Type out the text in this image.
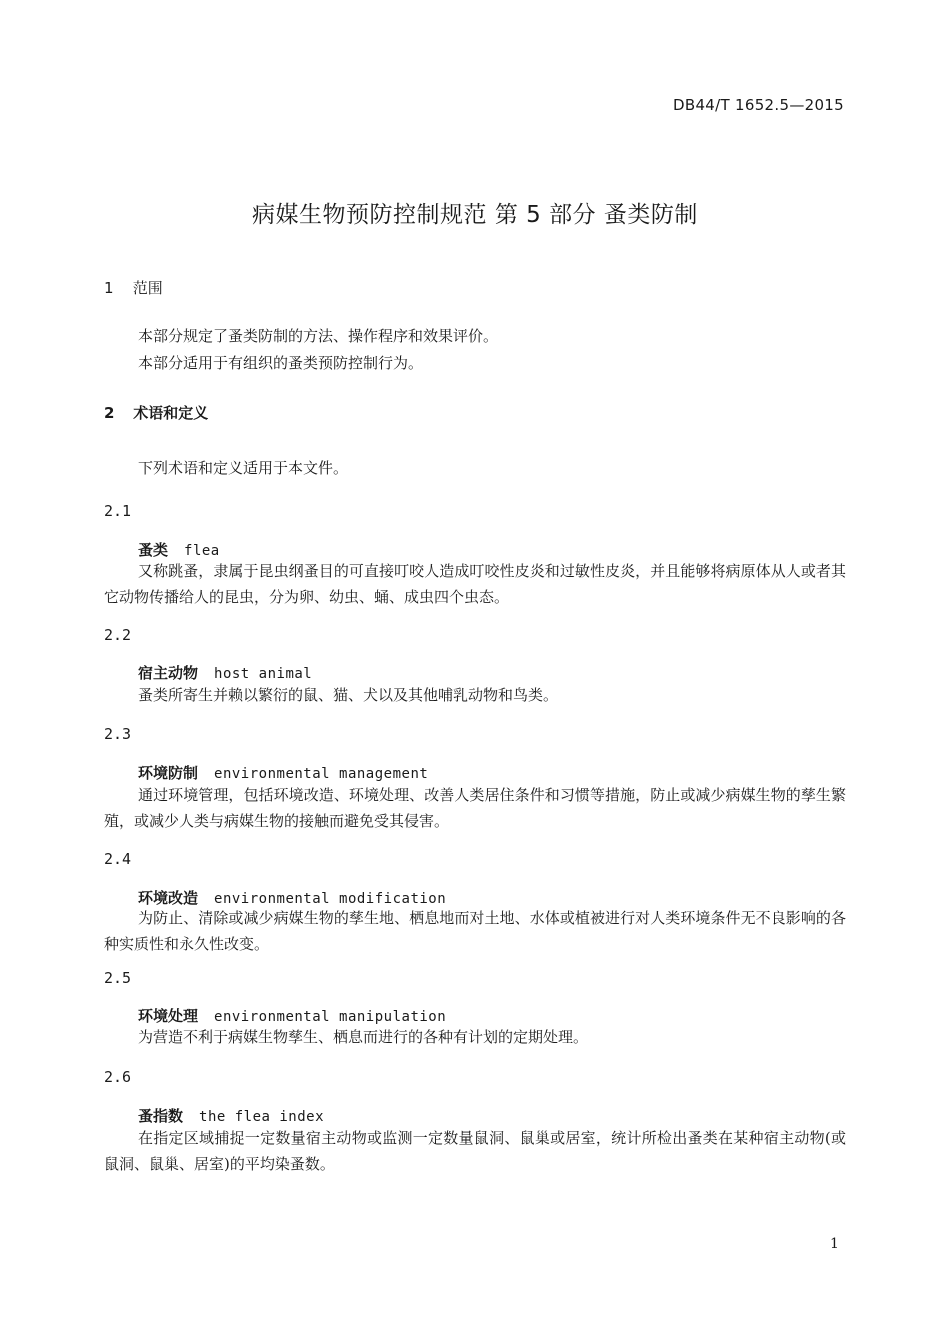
DB44/T 1652.5—2015
病媒生物预防控制规范 第 5 部分 蚤类防制
1 范围
本部分规定了蚤类防制的方法、操作程序和效果评价。
本部分适用于有组织的蚤类预防控制行为。
2 术语和定义
下列术语和定义适用于本文件。
2.1
蚤类 flea
又称跳蚤，隶属于昆虫纲蚤目的可直接叮咬人造成叮咬性皮炎和过敏性皮炎，并且能够将病原体从人或者其它动物传播给人的昆虫，分为卵、幼虫、蛹、成虫四个虫态。
2.2
宿主动物 host animal
蚤类所寄生并赖以繁衍的鼠、猫、犬以及其他哺乳动物和鸟类。
2.3
环境防制 environmental management
通过环境管理，包括环境改造、环境处理、改善人类居住条件和习惯等措施，防止或减少病媒生物的孳生繁殖，或减少人类与病媒生物的接触而避免受其侵害。
2.4
环境改造 environmental modification
为防止、清除或减少病媒生物的孳生地、栖息地而对土地、水体或植被进行对人类环境条件无不良影响的各种实质性和永久性改变。
2.5
环境处理 environmental manipulation
为营造不利于病媒生物孳生、栖息而进行的各种有计划的定期处理。
2.6
蚤指数 the flea index
在指定区域捕捉一定数量宿主动物或监测一定数量鼠洞、鼠巢或居室，统计所检出蚤类在某种宿主动物(或鼠洞、鼠巢、居室)的平均染蚤数。
1
